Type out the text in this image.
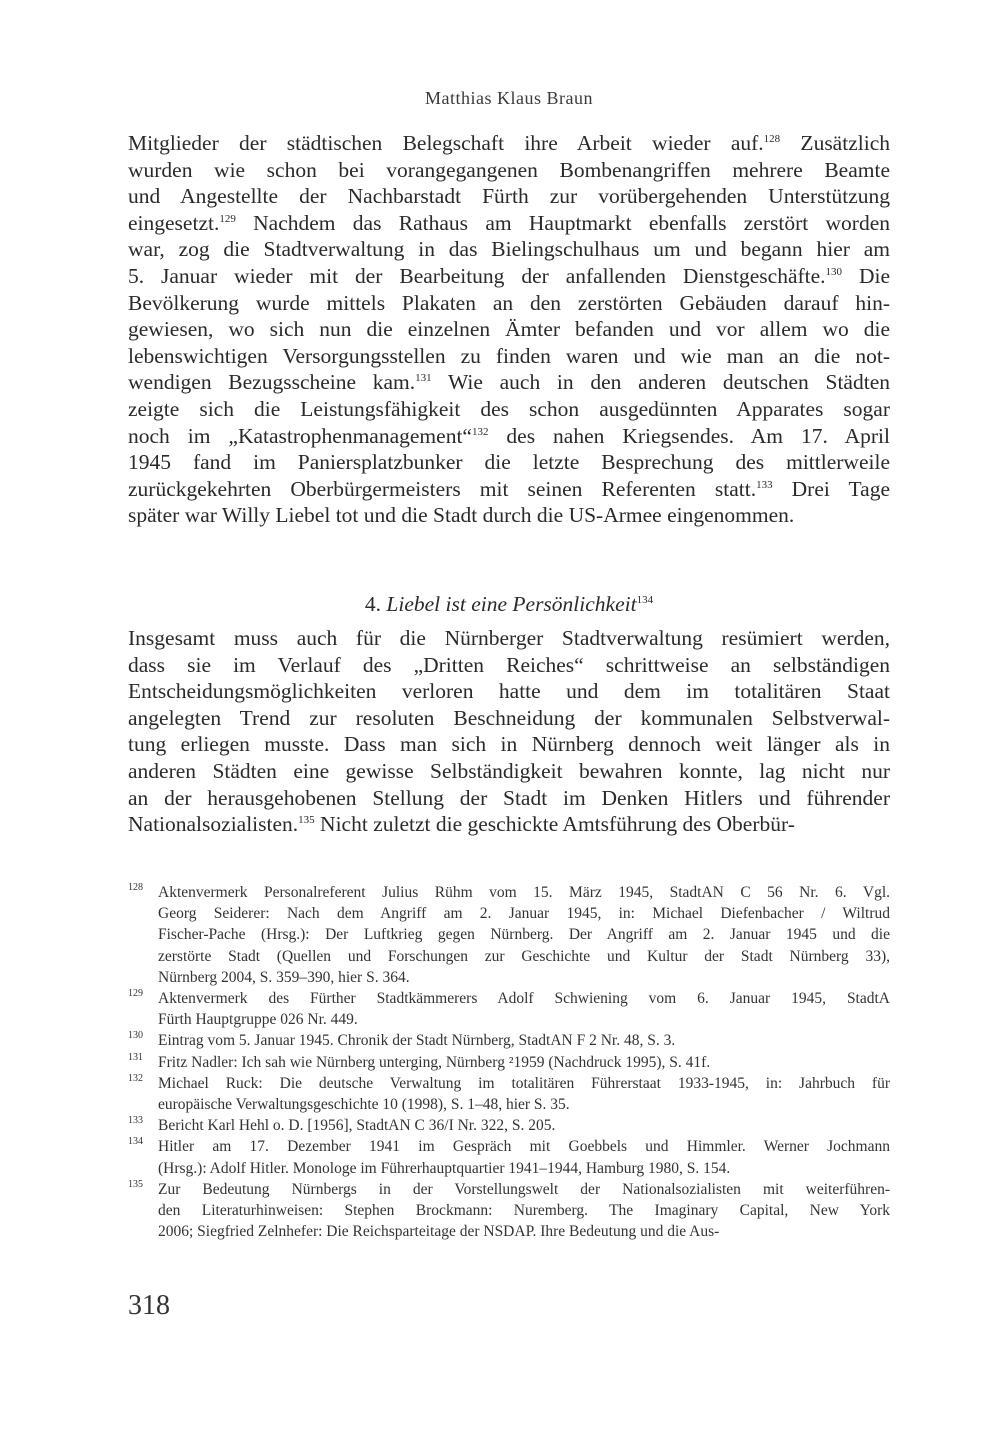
Matthias Klaus Braun
Mitglieder der städtischen Belegschaft ihre Arbeit wieder auf.$^{128}$ Zusätzlich
wurden wie schon bei vorangegangenen Bombenangriffen mehrere Beamte
und Angestellte der Nachbarstadt Fürth zur vorübergehenden Unterstützung
eingesetzt.$^{129}$ Nachdem das Rathaus am Hauptmarkt ebenfalls zerstört worden
war, zog die Stadtverwaltung in das Bielingschulhaus um und begann hier am
5. Januar wieder mit der Bearbeitung der anfallenden Dienstgeschäfte.$^{130}$ Die
Bevölkerung wurde mittels Plakaten an den zerstörten Gebäuden darauf hin-
gewiesen, wo sich nun die einzelnen Ämter befanden und vor allem wo die
lebenswichtigen Versorgungsstellen zu finden waren und wie man an die not-
wendigen Bezugsscheine kam.$^{131}$ Wie auch in den anderen deutschen Städten
zeigte sich die Leistungsfähigkeit des schon ausgedünnten Apparates sogar
noch im „Katastrophenmanagement“$^{132}$ des nahen Kriegsendes. Am 17. April
1945 fand im Paniersplatzbunker die letzte Besprechung des mittlerweile
zurückgekehrten Oberbürgermeisters mit seinen Referenten statt.$^{133}$ Drei Tage
später war Willy Liebel tot und die Stadt durch die US-Armee eingenommen.
4. Liebel ist eine Persönlichkeit$^{134}$
Insgesamt muss auch für die Nürnberger Stadtverwaltung resümiert werden,
dass sie im Verlauf des „Dritten Reiches“ schrittweise an selbständigen
Entscheidungsmöglichkeiten verloren hatte und dem im totalitären Staat
angelegten Trend zur resoluten Beschneidung der kommunalen Selbstverwal-
tung erliegen musste. Dass man sich in Nürnberg dennoch weit länger als in
anderen Städten eine gewisse Selbständigkeit bewahren konnte, lag nicht nur
an der herausgehobenen Stellung der Stadt im Denken Hitlers und führender
Nationalsozialisten.$^{135}$ Nicht zuletzt die geschickte Amtsführung des Oberbür-
128 Aktenvermerk Personalreferent Julius Rühm vom 15. März 1945, StadtAN C 56 Nr. 6. Vgl.
Georg Seiderer: Nach dem Angriff am 2. Januar 1945, in: Michael Diefenbacher / Wiltrud
Fischer-Pache (Hrsg.): Der Luftkrieg gegen Nürnberg. Der Angriff am 2. Januar 1945 und die
zerstörte Stadt (Quellen und Forschungen zur Geschichte und Kultur der Stadt Nürnberg 33),
Nürnberg 2004, S. 359–390, hier S. 364.
129 Aktenvermerk des Fürther Stadtkämmerers Adolf Schwiening vom 6. Januar 1945, StadtA
Fürth Hauptgruppe 026 Nr. 449.
130 Eintrag vom 5. Januar 1945. Chronik der Stadt Nürnberg, StadtAN F 2 Nr. 48, S. 3.
131 Fritz Nadler: Ich sah wie Nürnberg unterging, Nürnberg ²1959 (Nachdruck 1995), S. 41f.
132 Michael Ruck: Die deutsche Verwaltung im totalitären Führerstaat 1933-1945, in: Jahrbuch für
europäische Verwaltungsgeschichte 10 (1998), S. 1–48, hier S. 35.
133 Bericht Karl Hehl o. D. [1956], StadtAN C 36/I Nr. 322, S. 205.
134 Hitler am 17. Dezember 1941 im Gespräch mit Goebbels und Himmler. Werner Jochmann
(Hrsg.): Adolf Hitler. Monologe im Führerhauptquartier 1941–1944, Hamburg 1980, S. 154.
135 Zur Bedeutung Nürnbergs in der Vorstellungswelt der Nationalsozialisten mit weiterführen-
den Literaturhinweisen: Stephen Brockmann: Nuremberg. The Imaginary Capital, New York
2006; Siegfried Zelnhefer: Die Reichsparteitage der NSDAP. Ihre Bedeutung und die Aus-
318
